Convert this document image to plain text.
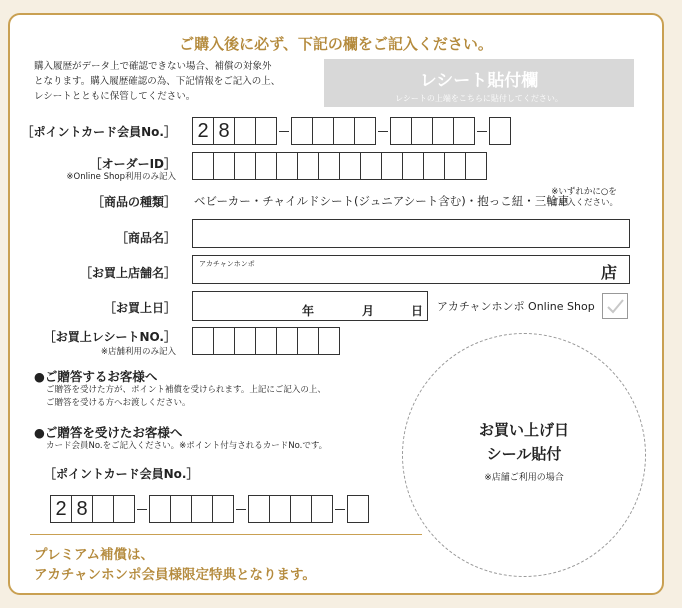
ご購入後に必ず、下記の欄をご記入ください。
購入履歴がデータ上で確認できない場合、補償の対象外
となります。購入履歴確認の為、下記情報をご記入の上、
レシートとともに保管してください。
レシート貼付欄
レシートの上端をこちらに貼付してください。
［ポイントカード会員No.］ 2 8
［オーダーID］
※Online Shop利用のみ記入
［商品の種類］ ベビーカー・チャイルドシート(ジュニアシート含む)・抱っこ紐・三輪車
※いずれかに○を
ご記入ください。
［商品名］
［お買上店舗名］
アカチャンホンポ	店
［お買上日］	年	月	日 アカチャンホンポ Online Shop
［お買上レシートNO.］
※店舗利用のみ記入
●ご贈答するお客様へ
ご贈答を受けた方が、ポイント補償を受けられます。上記にご記入の上、
ご贈答を受ける方へお渡しください。
●ご贈答を受けたお客様へ
カード会員No.をご記入ください。※ポイント付与されるカードNo.です。
［ポイントカード会員No.］
2 8
お買い上げ日
シール貼付
※店舗ご利用の場合
プレミアム補償は、
アカチャンホンポ会員様限定特典となります。
